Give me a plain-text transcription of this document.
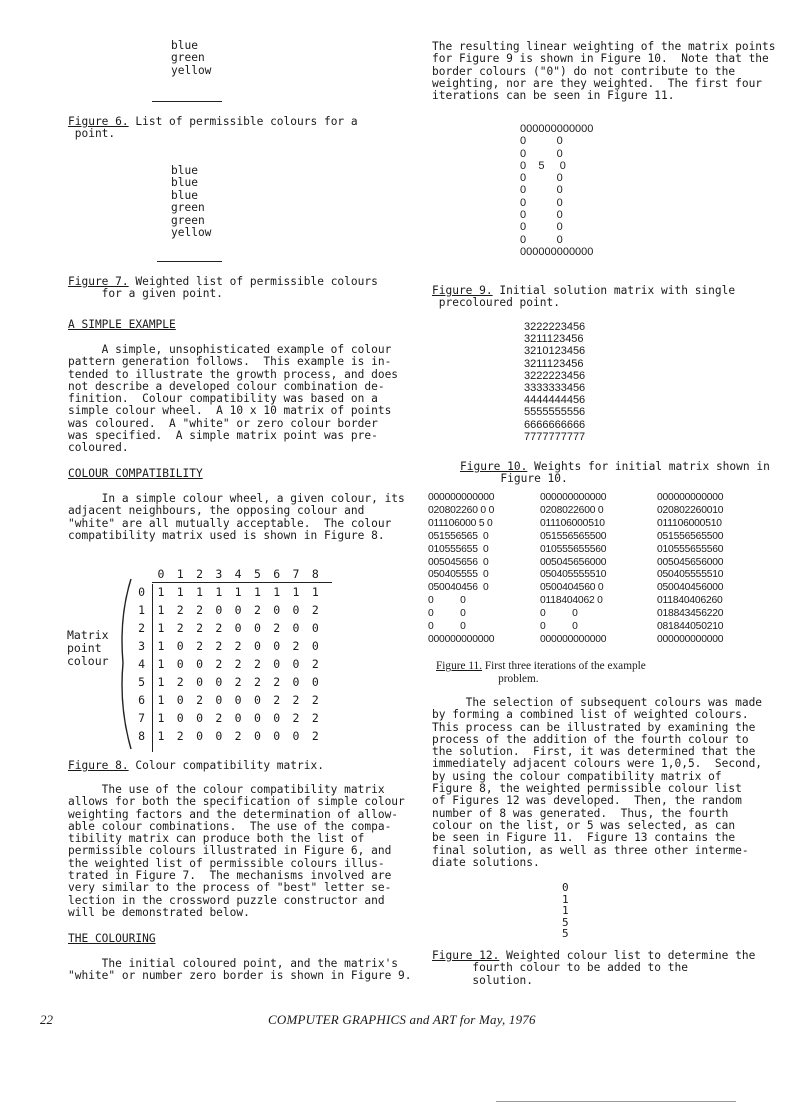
blue
green
yellow
Figure 6. List of permissible colours for a
point.
blue
blue
blue
green
green
yellow
Figure 7. Weighted list of permissible colours
for a given point.
A SIMPLE EXAMPLE
A simple, unsophisticated example of colour
pattern generation follows.  This example is in-
tended to illustrate the growth process, and does
not describe a developed colour combination de-
finition.  Colour compatibility was based on a
simple colour wheel.  A 10 x 10 matrix of points
was coloured.  A "white" or zero colour border
was specified.  A simple matrix point was pre-
coloured.
COLOUR COMPATIBILITY
In a simple colour wheel, a given colour, its
adjacent neighbours, the opposing colour and
"white" are all mutually acceptable.  The colour
compatibility matrix used is shown in Figure 8.
Matrix
point
colour
	0	1	2	3	4	5	6	7	8
0	1	1	1	1	1	1	1	1	1
1	1	2	2	0	0	2	0	0	2
2	1	2	2	2	0	0	2	0	0
3	1	0	2	2	2	0	0	2	0
4	1	0	0	2	2	2	0	0	2
5	1	2	0	0	2	2	2	0	0
6	1	0	2	0	0	0	2	2	2
7	1	0	0	2	0	0	0	2	2
8	1	2	0	0	2	0	0	0	2
Figure 8. Colour compatibility matrix.
The use of the colour compatibility matrix
allows for both the specification of simple colour
weighting factors and the determination of allow-
able colour combinations.  The use of the compa-
tibility matrix can produce both the list of
permissible colours illustrated in Figure 6, and
the weighted list of permissible colours illus-
trated in Figure 7.  The mechanisms involved are
very similar to the process of "best" letter se-
lection in the crossword puzzle constructor and
will be demonstrated below.
THE COLOURING
The initial coloured point, and the matrix's
"white" or number zero border is shown in Figure 9.
The resulting linear weighting of the matrix points
for Figure 9 is shown in Figure 10.  Note that the
border colours ("0") do not contribute to the
weighting, nor are they weighted.  The first four
iterations can be seen in Figure 11.
000000000000
0          0
0          0
0    5     0
0          0
0          0
0          0
0          0
0          0
0          0
000000000000
Figure 9. Initial solution matrix with single
precoloured point.
3222223456
3211123456
3210123456
3211123456
3222223456
3333333456
4444444456
5555555556
6666666666
7777777777
Figure 10. Weights for initial matrix shown in
Figure 10.
000000000000
020802260 0 0
011106000 5 0
051556565  0
010555655  0
005045656  0
050405555  0
050040456  0
0          0
0          0
0          0
000000000000
000000000000
0208022600 0
011106000510
051556565500
010555655560
005045656000
050405555510
0500404560 0
0118404062 0
0          0
0          0
000000000000
000000000000
020802260010
011106000510
051556565500
010555655560
005045656000
050405555510
050040456000
011840406260
018843456220
081844050210
000000000000
Figure 11. First three iterations of the example
problem.
The selection of subsequent colours was made
by forming a combined list of weighted colours.
This process can be illustrated by examining the
process of the addition of the fourth colour to
the solution.  First, it was determined that the
immediately adjacent colours were 1,0,5.  Second,
by using the colour compatibility matrix of
Figure 8, the weighted permissible colour list
of Figures 12 was developed.  Then, the random
number of 8 was generated.  Thus, the fourth
colour on the list, or 5 was selected, as can
be seen in Figure 11.  Figure 13 contains the
final solution, as well as three other interme-
diate solutions.
0
1
1
5
5
Figure 12. Weighted colour list to determine the
fourth colour to be added to the
solution.
22	COMPUTER GRAPHICS and ART for May, 1976
